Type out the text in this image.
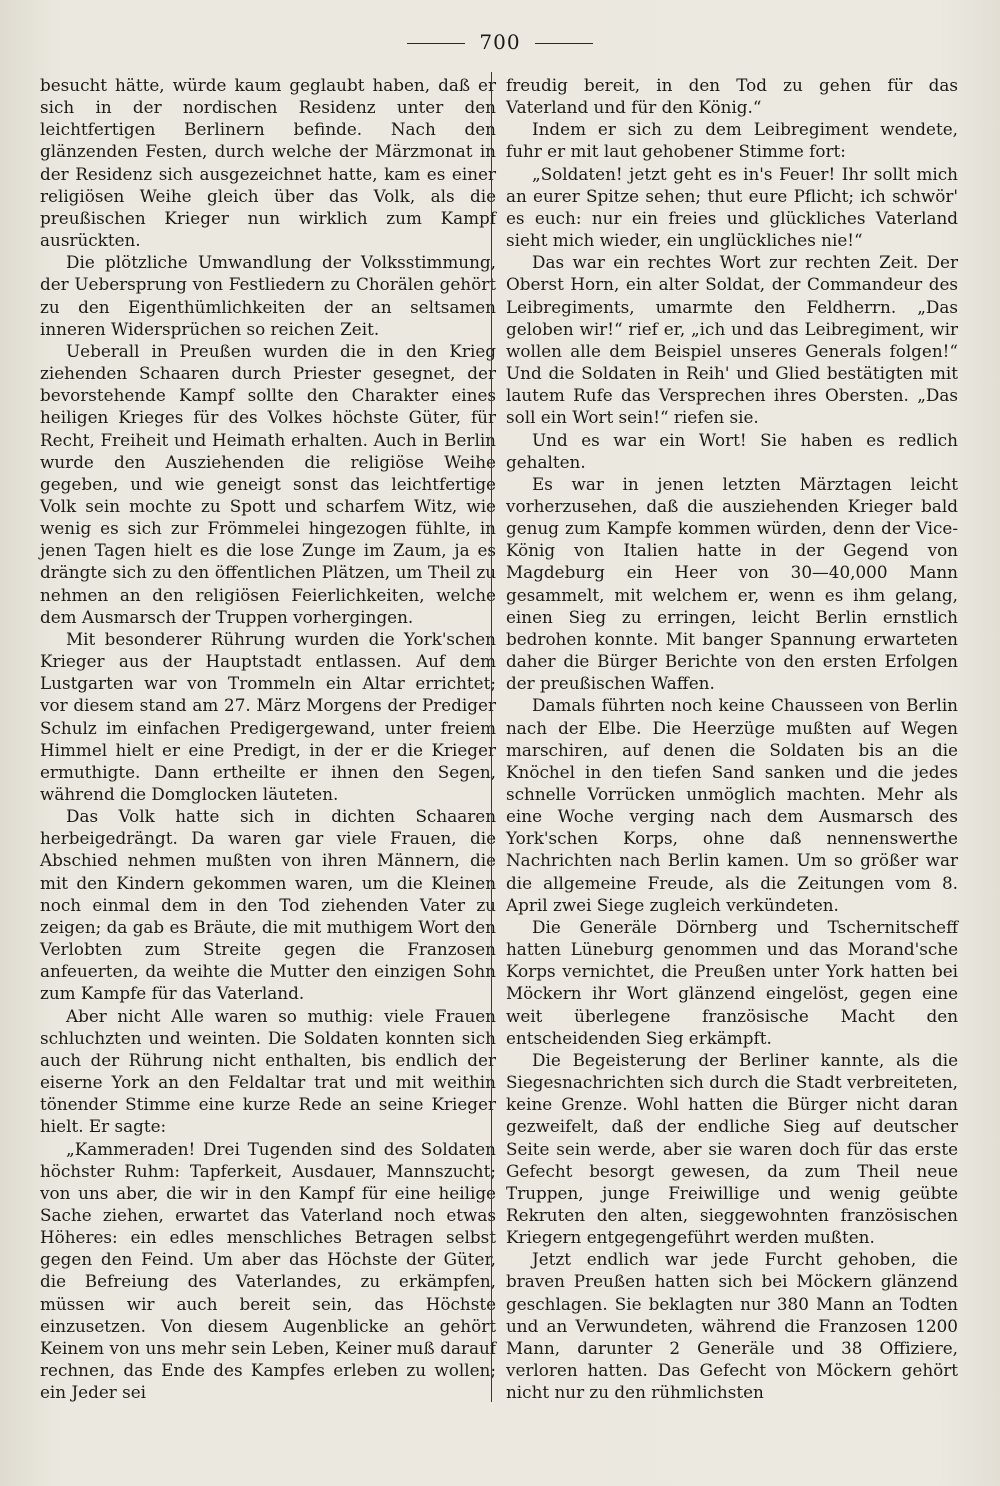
700

besucht hätte, würde kaum geglaubt haben, daß er sich in der nordischen Residenz unter den leichtfertigen Berlinern befinde. Nach den glänzenden Festen, durch welche der Märzmonat in der Residenz sich ausgezeichnet hatte, kam es einer religiösen Weihe gleich über das Volk, als die preußischen Krieger nun wirklich zum Kampf ausrückten.

Die plötzliche Umwandlung der Volksstimmung, der Uebersprung von Festliedern zu Chorälen gehört zu den Eigenthümlichkeiten der an seltsamen inneren Widersprüchen so reichen Zeit.

Ueberall in Preußen wurden die in den Krieg ziehenden Schaaren durch Priester gesegnet, der bevorstehende Kampf sollte den Charakter eines heiligen Krieges für des Volkes höchste Güter, für Recht, Freiheit und Heimath erhalten. Auch in Berlin wurde den Ausziehenden die religiöse Weihe gegeben, und wie geneigt sonst das leichtfertige Volk sein mochte zu Spott und scharfem Witz, wie wenig es sich zur Frömmelei hingezogen fühlte, in jenen Tagen hielt es die lose Zunge im Zaum, ja es drängte sich zu den öffentlichen Plätzen, um Theil zu nehmen an den religiösen Feierlichkeiten, welche dem Ausmarsch der Truppen vorhergingen.

Mit besonderer Rührung wurden die York'schen Krieger aus der Hauptstadt entlassen. Auf dem Lustgarten war von Trommeln ein Altar errichtet; vor diesem stand am 27. März Morgens der Prediger Schulz im einfachen Predigergewand, unter freiem Himmel hielt er eine Predigt, in der er die Krieger ermuthigte. Dann ertheilte er ihnen den Segen, während die Domglocken läuteten.

Das Volk hatte sich in dichten Schaaren herbeigedrängt. Da waren gar viele Frauen, die Abschied nehmen mußten von ihren Männern, die mit den Kindern gekommen waren, um die Kleinen noch einmal dem in den Tod ziehenden Vater zu zeigen; da gab es Bräute, die mit muthigem Wort den Verlobten zum Streite gegen die Franzosen anfeuerten, da weihte die Mutter den einzigen Sohn zum Kampfe für das Vaterland.

Aber nicht Alle waren so muthig: viele Frauen schluchzten und weinten. Die Soldaten konnten sich auch der Rührung nicht enthalten, bis endlich der eiserne York an den Feldaltar trat und mit weithin tönender Stimme eine kurze Rede an seine Krieger hielt. Er sagte:

„Kammeraden! Drei Tugenden sind des Soldaten höchster Ruhm: Tapferkeit, Ausdauer, Mannszucht; von uns aber, die wir in den Kampf für eine heilige Sache ziehen, erwartet das Vaterland noch etwas Höheres: ein edles menschliches Betragen selbst gegen den Feind. Um aber das Höchste der Güter, die Befreiung des Vaterlandes, zu erkämpfen, müssen wir auch bereit sein, das Höchste einzusetzen. Von diesem Augenblicke an gehört Keinem von uns mehr sein Leben, Keiner muß darauf rechnen, das Ende des Kampfes erleben zu wollen; ein Jeder sei

freudig bereit, in den Tod zu gehen für das Vaterland und für den König.“

Indem er sich zu dem Leibregiment wendete, fuhr er mit laut gehobener Stimme fort:

„Soldaten! jetzt geht es in's Feuer! Ihr sollt mich an eurer Spitze sehen; thut eure Pflicht; ich schwör' es euch: nur ein freies und glückliches Vaterland sieht mich wieder, ein unglückliches nie!“

Das war ein rechtes Wort zur rechten Zeit. Der Oberst Horn, ein alter Soldat, der Commandeur des Leibregiments, umarmte den Feldherrn. „Das geloben wir!“ rief er, „ich und das Leibregiment, wir wollen alle dem Beispiel unseres Generals folgen!“ Und die Soldaten in Reih' und Glied bestätigten mit lautem Rufe das Versprechen ihres Obersten. „Das soll ein Wort sein!“ riefen sie.

Und es war ein Wort! Sie haben es redlich gehalten.

Es war in jenen letzten Märztagen leicht vorherzusehen, daß die ausziehenden Krieger bald genug zum Kampfe kommen würden, denn der Vice-König von Italien hatte in der Gegend von Magdeburg ein Heer von 30—40,000 Mann gesammelt, mit welchem er, wenn es ihm gelang, einen Sieg zu erringen, leicht Berlin ernstlich bedrohen konnte. Mit banger Spannung erwarteten daher die Bürger Berichte von den ersten Erfolgen der preußischen Waffen.

Damals führten noch keine Chausseen von Berlin nach der Elbe. Die Heerzüge mußten auf Wegen marschiren, auf denen die Soldaten bis an die Knöchel in den tiefen Sand sanken und die jedes schnelle Vorrücken unmöglich machten. Mehr als eine Woche verging nach dem Ausmarsch des York'schen Korps, ohne daß nennenswerthe Nachrichten nach Berlin kamen. Um so größer war die allgemeine Freude, als die Zeitungen vom 8. April zwei Siege zugleich verkündeten.

Die Generäle Dörnberg und Tschernitscheff hatten Lüneburg genommen und das Morand'sche Korps vernichtet, die Preußen unter York hatten bei Möckern ihr Wort glänzend eingelöst, gegen eine weit überlegene französische Macht den entscheidenden Sieg erkämpft.

Die Begeisterung der Berliner kannte, als die Siegesnachrichten sich durch die Stadt verbreiteten, keine Grenze. Wohl hatten die Bürger nicht daran gezweifelt, daß der endliche Sieg auf deutscher Seite sein werde, aber sie waren doch für das erste Gefecht besorgt gewesen, da zum Theil neue Truppen, junge Freiwillige und wenig geübte Rekruten den alten, sieggewohnten französischen Kriegern entgegengeführt werden mußten.

Jetzt endlich war jede Furcht gehoben, die braven Preußen hatten sich bei Möckern glänzend geschlagen. Sie beklagten nur 380 Mann an Todten und an Verwundeten, während die Franzosen 1200 Mann, darunter 2 Generäle und 38 Offiziere, verloren hatten. Das Gefecht von Möckern gehört nicht nur zu den rühmlichsten
